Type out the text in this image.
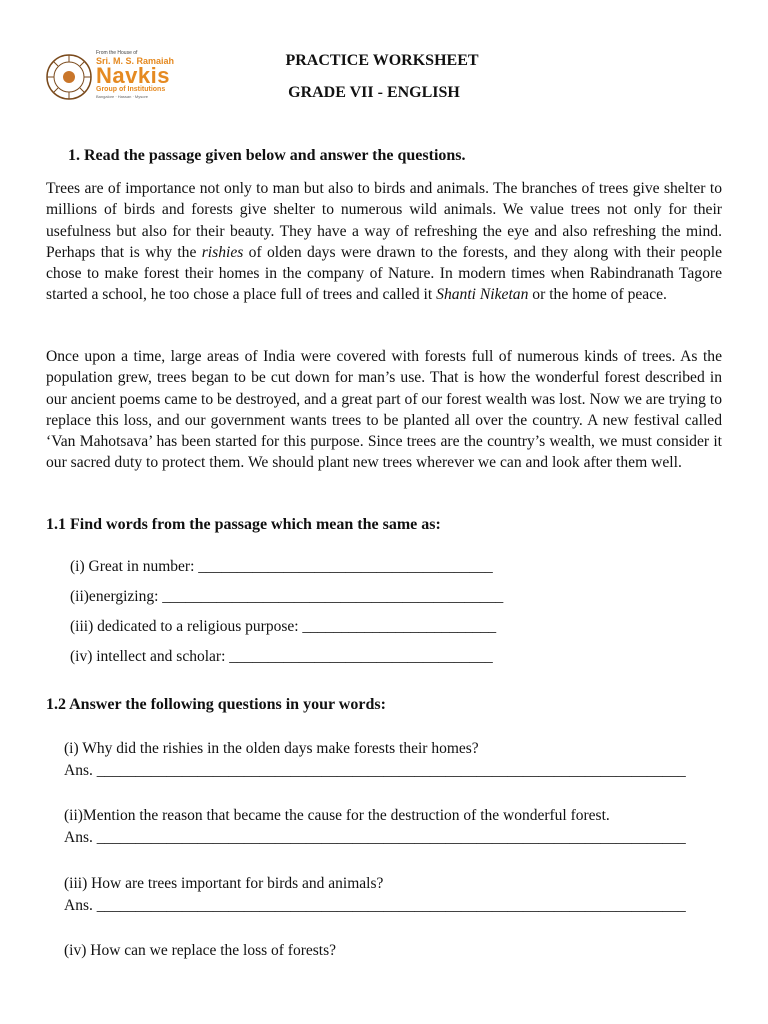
From the House of
Sri. M. S. Ramaiah
Navkis
Group of Institutions
Bangalore · Hassan · Mysore
PRACTICE WORKSHEET
GRADE VII - ENGLISH
1. Read the passage given below and answer the questions.
Trees are of importance not only to man but also to birds and animals. The branches of trees give shelter to millions of birds and forests give shelter to numerous wild animals. We value trees not only for their usefulness but also for their beauty. They have a way of refreshing the eye and also refreshing the mind. Perhaps that is why the rishies of olden days were drawn to the forests, and they along with their people chose to make forest their homes in the company of Nature. In modern times when Rabindranath Tagore started a school, he too chose a place full of trees and called it Shanti Niketan or the home of peace.
Once upon a time, large areas of India were covered with forests full of numerous kinds of trees. As the population grew, trees began to be cut down for man’s use. That is how the wonderful forest described in our ancient poems came to be destroyed, and a great part of our forest wealth was lost. Now we are trying to replace this loss, and our government wants trees to be planted all over the country. A new festival called ‘Van Mahotsava’ has been started for this purpose. Since trees are the country’s wealth, we must consider it our sacred duty to protect them. We should plant new trees wherever we can and look after them well.
1.1 Find words from the passage which mean the same as:
(i) Great in number: ______________________________________
(ii)energizing: ____________________________________________
(iii) dedicated to a religious purpose: _________________________
(iv) intellect and scholar: __________________________________
1.2 Answer the following questions in your words:
(i) Why did the rishies in the olden days make forests their homes?
Ans. ____________________________________________________________________________
(ii)Mention the reason that became the cause for the destruction of the wonderful forest.
Ans. ____________________________________________________________________________
(iii) How are trees important for birds and animals?
Ans. ____________________________________________________________________________
(iv) How can we replace the loss of forests?
